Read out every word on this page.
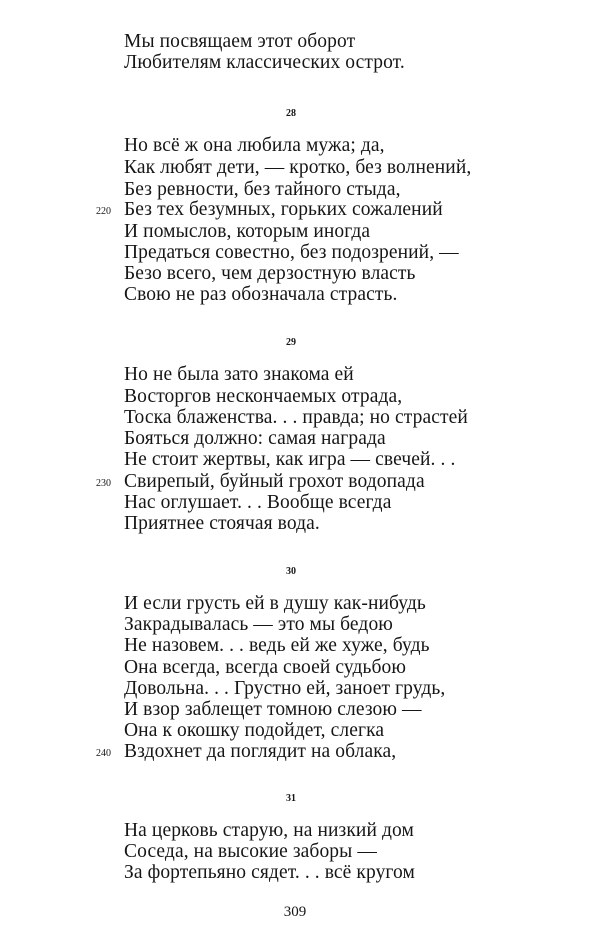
Мы посвящаем этот оборот
Любителям классических острот.
28
Но всё ж она любила мужа; да,
Как любят дети, — кротко, без волнений,
Без ревности, без тайного стыда,
220 Без тех безумных, горьких сожалений
И помыслов, которым иногда
Предаться совестно, без подозрений, —
Безо всего, чем дерзостную власть
Свою не раз обозначала страсть.
29
Но не была зато знакома ей
Восторгов нескончаемых отрада,
Тоска блаженства. . . правда; но страстей
Бояться должно: самая награда
Не стоит жертвы, как игра — свечей. . .
230 Свирепый, буйный грохот водопада
Нас оглушает. . . Вообще всегда
Приятнее стоячая вода.
30
И если грусть ей в душу как-нибудь
Закрадывалась — это мы бедою
Не назовем. . . ведь ей же хуже, будь
Она всегда, всегда своей судьбою
Довольна. . . Грустно ей, заноет грудь,
И взор заблещет томною слезою —
Она к окошку подойдет, слегка
240 Вздохнет да поглядит на облака,
31
На церковь старую, на низкий дом
Соседа, на высокие заборы —
За фортепьяно сядет. . . всё кругом
309
